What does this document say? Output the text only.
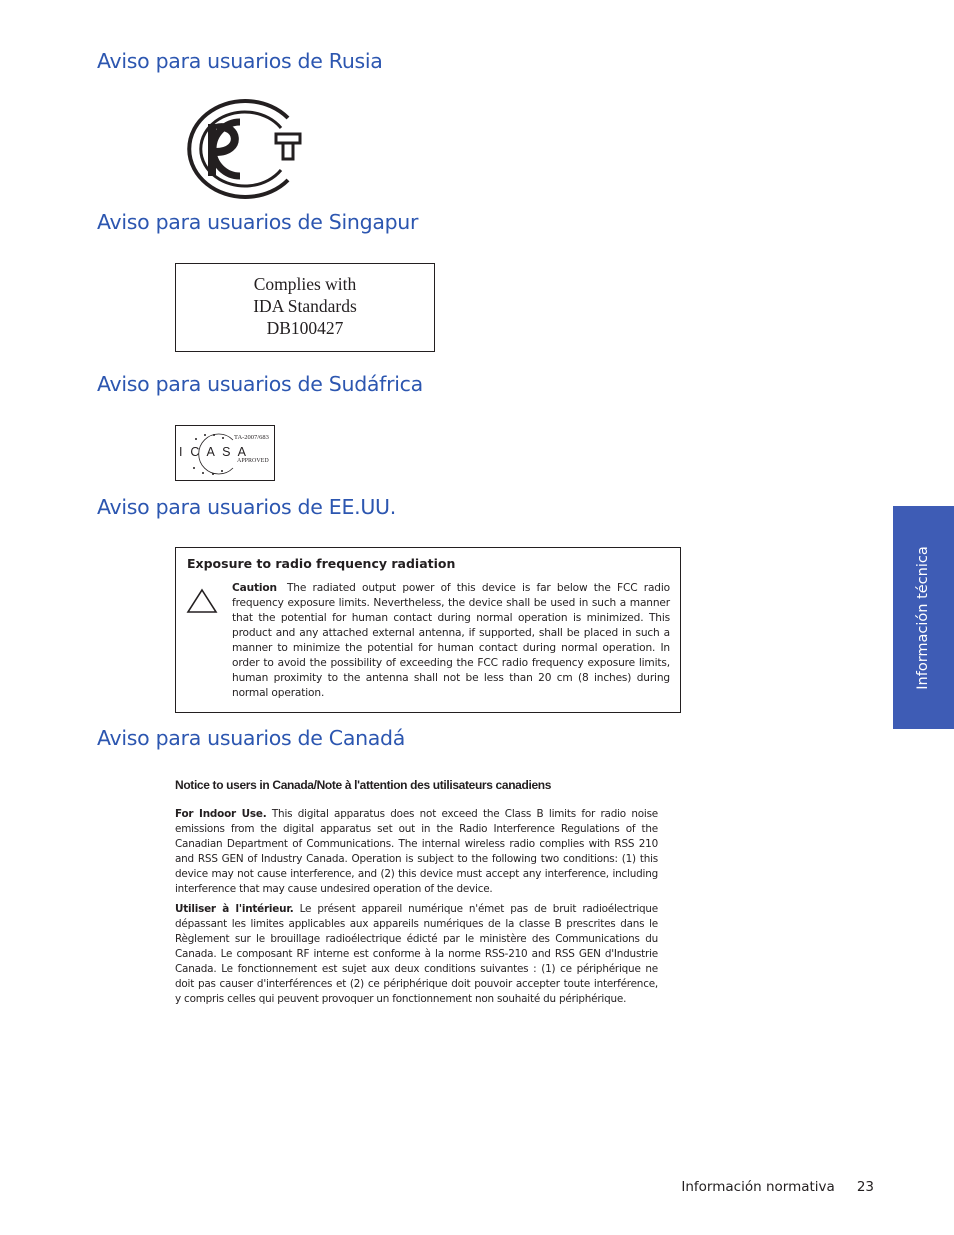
Aviso para usuarios de Rusia
Aviso para usuarios de Singapur
Complies with
IDA Standards
DB100427
Aviso para usuarios de Sudáfrica
I C A S A
TA-2007/683
APPROVED
Aviso para usuarios de EE.UU.
Exposure to radio frequency radiation
Caution The radiated output power of this device is far below the FCC radio frequency exposure limits. Nevertheless, the device shall be used in such a manner that the potential for human contact during normal operation is minimized. This product and any attached external antenna, if supported, shall be placed in such a manner to minimize the potential for human contact during normal operation. In order to avoid the possibility of exceeding the FCC radio frequency exposure limits, human proximity to the antenna shall not be less than 20 cm (8 inches) during normal operation.
Aviso para usuarios de Canadá
Notice to users in Canada/Note à l'attention des utilisateurs canadiens

For Indoor Use. This digital apparatus does not exceed the Class B limits for radio noise emissions from the digital apparatus set out in the Radio Interference Regulations of the Canadian Department of Communications. The internal wireless radio complies with RSS 210 and RSS GEN of Industry Canada. Operation is subject to the following two conditions: (1) this device may not cause interference, and (2) this device must accept any interference, including interference that may cause undesired operation of the device.

Utiliser à l'intérieur. Le présent appareil numérique n'émet pas de bruit radioélectrique dépassant les limites applicables aux appareils numériques de la classe B prescrites dans le Règlement sur le brouillage radioélectrique édicté par le ministère des Communications du Canada. Le composant RF interne est conforme à la norme RSS-210 and RSS GEN d'Industrie Canada. Le fonctionnement est sujet aux deux conditions suivantes : (1) ce périphérique ne doit pas causer d'interférences et (2) ce périphérique doit pouvoir accepter toute interférence, y compris celles qui peuvent provoquer un fonctionnement non souhaité du périphérique.

Información técnica
Información normativa 23
